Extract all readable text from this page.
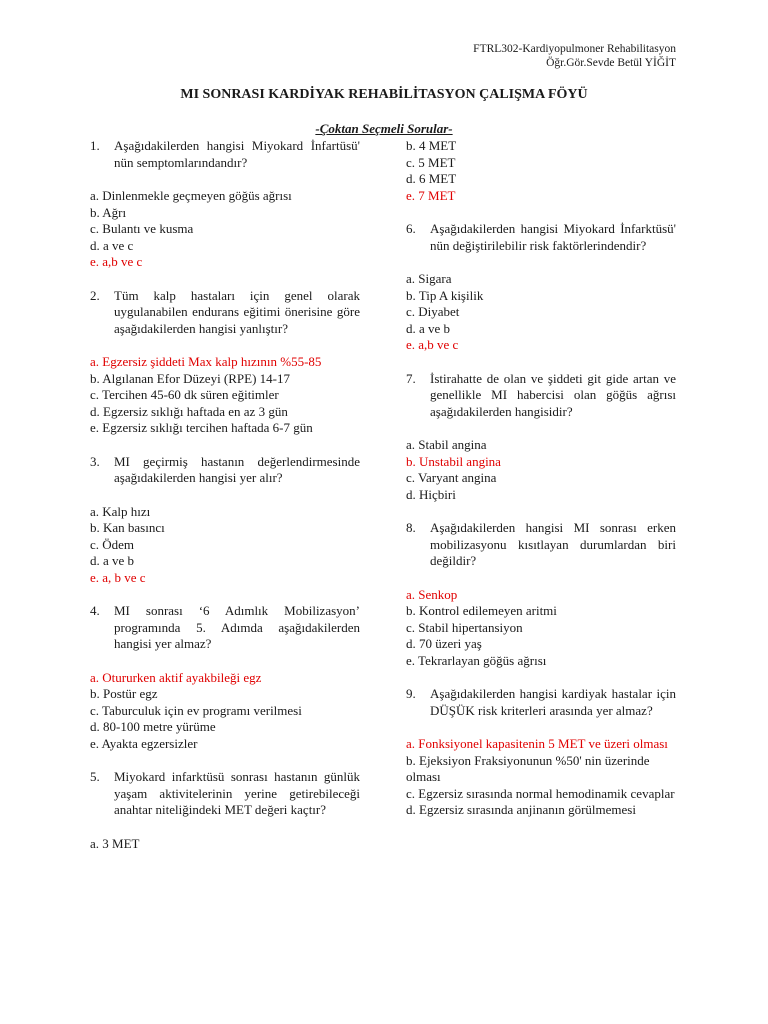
FTRL302-Kardiyopulmoner Rehabilitasyon
Öğr.Gör.Sevde Betül YİĞİT
MI SONRASI KARDİYAK REHABİLİTASYON ÇALIŞMA FÖYÜ
-Çoktan Seçmeli Sorular-
1.	Aşağıdakilerden hangisi Miyokard İnfartüsü' nün semptomlarındandır?
a. Dinlenmekle geçmeyen göğüs ağrısı
b. Ağrı
c. Bulantı ve kusma
d. a ve c
e. a,b ve c
2.	Tüm kalp hastaları için genel olarak uygulanabilen endurans eğitimi önerisine göre aşağıdakilerden hangisi yanlıştır?
a. Egzersiz şiddeti Max kalp hızının %55-85
b. Algılanan Efor Düzeyi (RPE) 14-17
c. Tercihen 45-60 dk süren eğitimler
d. Egzersiz sıklığı haftada en az 3 gün
e. Egzersiz sıklığı tercihen haftada 6-7 gün
3.	MI geçirmiş hastanın değerlendirmesinde aşağıdakilerden hangisi yer alır?
a. Kalp hızı
b. Kan basıncı
c. Ödem
d. a ve b
e. a, b ve c
4.	MI sonrası ‘6 Adımlık Mobilizasyon’ programında 5. Adımda aşağıdakilerden hangisi yer almaz?
a. Otururken aktif ayakbileği egz
b. Postür egz
c. Taburculuk için ev programı verilmesi
d. 80-100 metre yürüme
e. Ayakta egzersizler
5.	Miyokard infarktüsü sonrası hastanın günlük yaşam aktivitelerinin yerine getirebileceği anahtar niteliğindeki MET değeri kaçtır?
a. 3 MET
b. 4 MET
c. 5 MET
d. 6 MET
e. 7 MET
6.	Aşağıdakilerden hangisi Miyokard İnfarktüsü' nün değiştirilebilir risk faktörlerindendir?
a. Sigara
b. Tip A kişilik
c. Diyabet
d. a ve b
e. a,b ve c
7.	İstirahatte de olan ve şiddeti git gide artan ve genellikle MI habercisi olan göğüs ağrısı aşağıdakilerden hangisidir?
a. Stabil angina
b. Unstabil angina
c. Varyant angina
d. Hiçbiri
8.	Aşağıdakilerden hangisi MI sonrası erken mobilizasyonu kısıtlayan durumlardan biri değildir?
a. Senkop
b. Kontrol edilemeyen aritmi
c. Stabil hipertansiyon
d. 70 üzeri yaş
e. Tekrarlayan göğüs ağrısı
9.	Aşağıdakilerden hangisi kardiyak hastalar için DÜŞÜK risk kriterleri arasında yer almaz?
a. Fonksiyonel kapasitenin 5 MET ve üzeri olması
b. Ejeksiyon Fraksiyonunun %50' nin üzerinde olması
c. Egzersiz sırasında normal hemodinamik cevaplar
d. Egzersiz sırasında anjinanın görülmemesi
